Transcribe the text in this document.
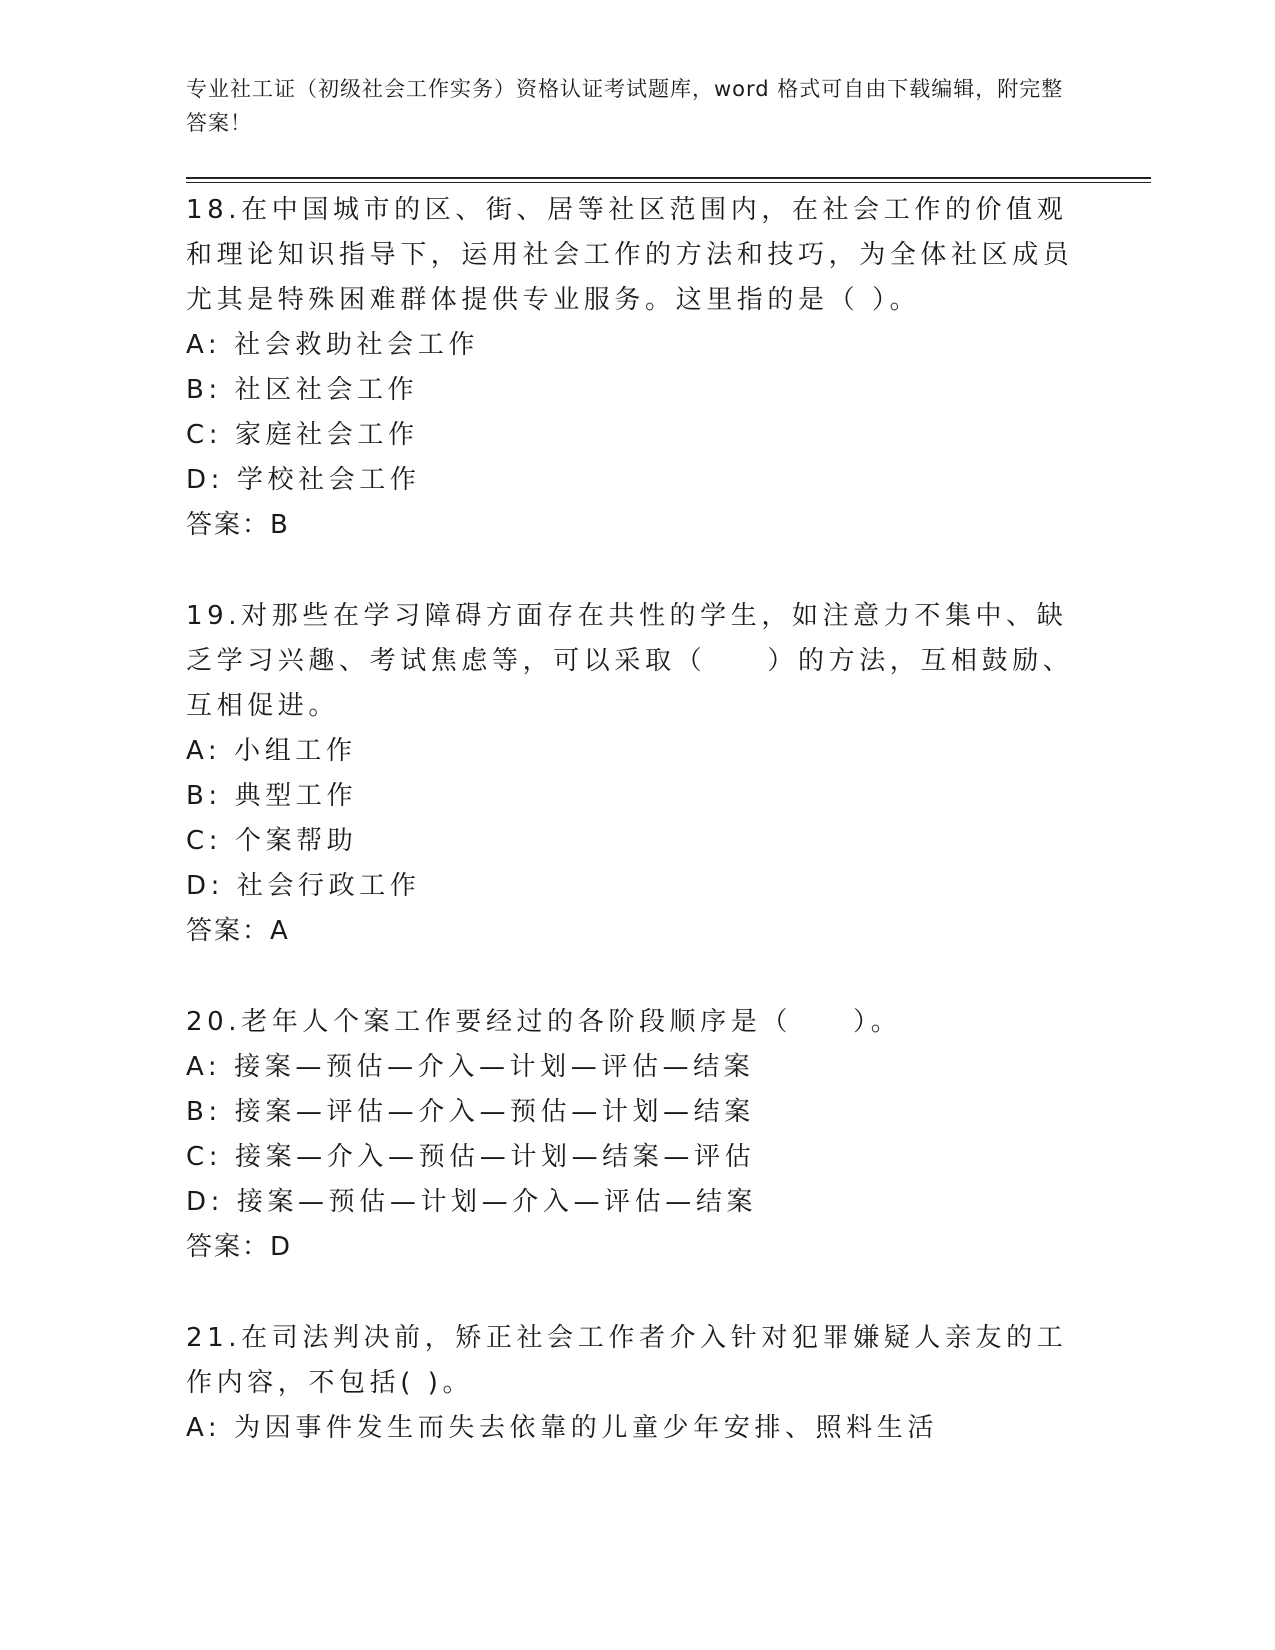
专业社工证（初级社会工作实务）资格认证考试题库，word 格式可自由下载编辑，附完整答案！

18.在中国城市的区、街、居等社区范围内，在社会工作的价值观和理论知识指导下，运用社会工作的方法和技巧，为全体社区成员尤其是特殊困难群体提供专业服务。这里指的是（ ）。

A: 社会救助社会工作

B: 社区社会工作

C: 家庭社会工作

D: 学校社会工作

答案：B

19.对那些在学习障碍方面存在共性的学生，如注意力不集中、缺乏学习兴趣、考试焦虑等，可以采取（　　）的方法，互相鼓励、互相促进。

A: 小组工作

B: 典型工作

C: 个案帮助

D: 社会行政工作

答案：A

20.老年人个案工作要经过的各阶段顺序是（　　）。

A: 接案—预估—介入—计划—评估—结案

B: 接案—评估—介入—预估—计划—结案

C: 接案—介入—预估—计划—结案—评估

D: 接案—预估—计划—介入—评估—结案

答案：D

21.在司法判决前，矫正社会工作者介入针对犯罪嫌疑人亲友的工作内容，不包括( )。

A: 为因事件发生而失去依靠的儿童少年安排、照料生活
